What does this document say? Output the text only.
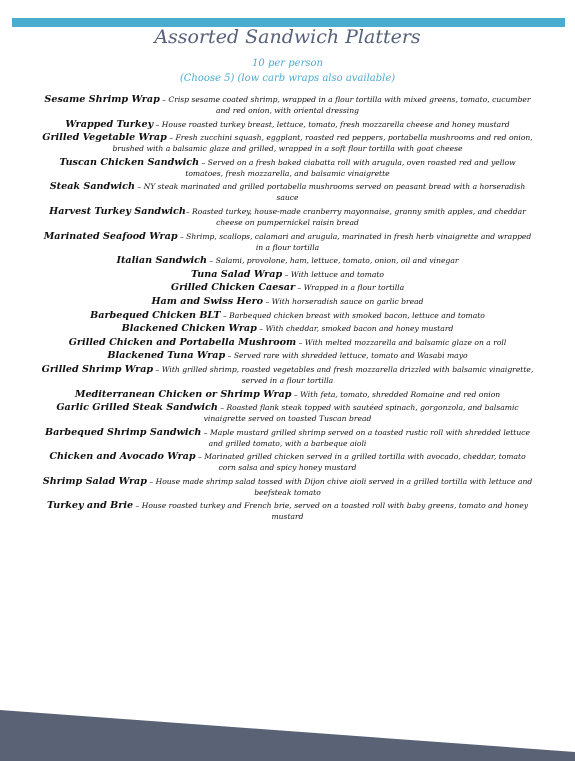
Assorted Sandwich Platters
10 per person
(Choose 5) (low carb wraps also available)
Sesame Shrimp Wrap – Crisp sesame coated shrimp, wrapped in a flour tortilla with mixed greens, tomato, cucumber and red onion, with oriental dressing
Wrapped Turkey – House roasted turkey breast, lettuce, tomato, fresh mozzarella cheese and honey mustard
Grilled Vegetable Wrap – Fresh zucchini squash, eggplant, roasted red peppers, portabella mushrooms and red onion, brushed with a balsamic glaze and grilled, wrapped in a soft flour tortilla with goat cheese
Tuscan Chicken Sandwich – Served on a fresh baked ciabatta roll with arugula, oven roasted red and yellow tomatoes, fresh mozzarella, and balsamic vinaigrette
Steak Sandwich – NY steak marinated and grilled portabella mushrooms served on peasant bread with a horseradish sauce
Harvest Turkey Sandwich– Roasted turkey, house-made cranberry mayonnaise, granny smith apples, and cheddar cheese on pumpernickel raisin bread
Marinated Seafood Wrap – Shrimp, scallops, calamari and arugula, marinated in fresh herb vinaigrette and wrapped in a flour tortilla
Italian Sandwich – Salami, provolone, ham, lettuce, tomato, onion, oil and vinegar
Tuna Salad Wrap – With lettuce and tomato
Grilled Chicken Caesar – Wrapped in a flour tortilla
Ham and Swiss Hero – With horseradish sauce on garlic bread
Barbequed Chicken BLT – Barbequed chicken breast with smoked bacon, lettuce and tomato
Blackened Chicken Wrap – With cheddar, smoked bacon and honey mustard
Grilled Chicken and Portabella Mushroom – With melted mozzarella and balsamic glaze on a roll
Blackened Tuna Wrap – Served rare with shredded lettuce, tomato and Wasabi mayo
Grilled Shrimp Wrap – With grilled shrimp, roasted vegetables and fresh mozzarella drizzled with balsamic vinaigrette, served in a flour tortilla
Mediterranean Chicken or Shrimp Wrap – With feta, tomato, shredded Romaine and red onion
Garlic Grilled Steak Sandwich – Roasted flank steak topped with sautéed spinach, gorgonzola, and balsamic vinaigrette served on toasted Tuscan bread
Barbequed Shrimp Sandwich – Maple mustard grilled shrimp served on a toasted rustic roll with shredded lettuce and grilled tomato, with a barbeque aioli
Chicken and Avocado Wrap – Marinated grilled chicken served in a grilled tortilla with avocado, cheddar, tomato corn salsa and spicy honey mustard
Shrimp Salad Wrap – House made shrimp salad tossed with Dijon chive aioli served in a grilled tortilla with lettuce and beefsteak tomato
Turkey and Brie – House roasted turkey and French brie, served on a toasted roll with baby greens, tomato and honey mustard
